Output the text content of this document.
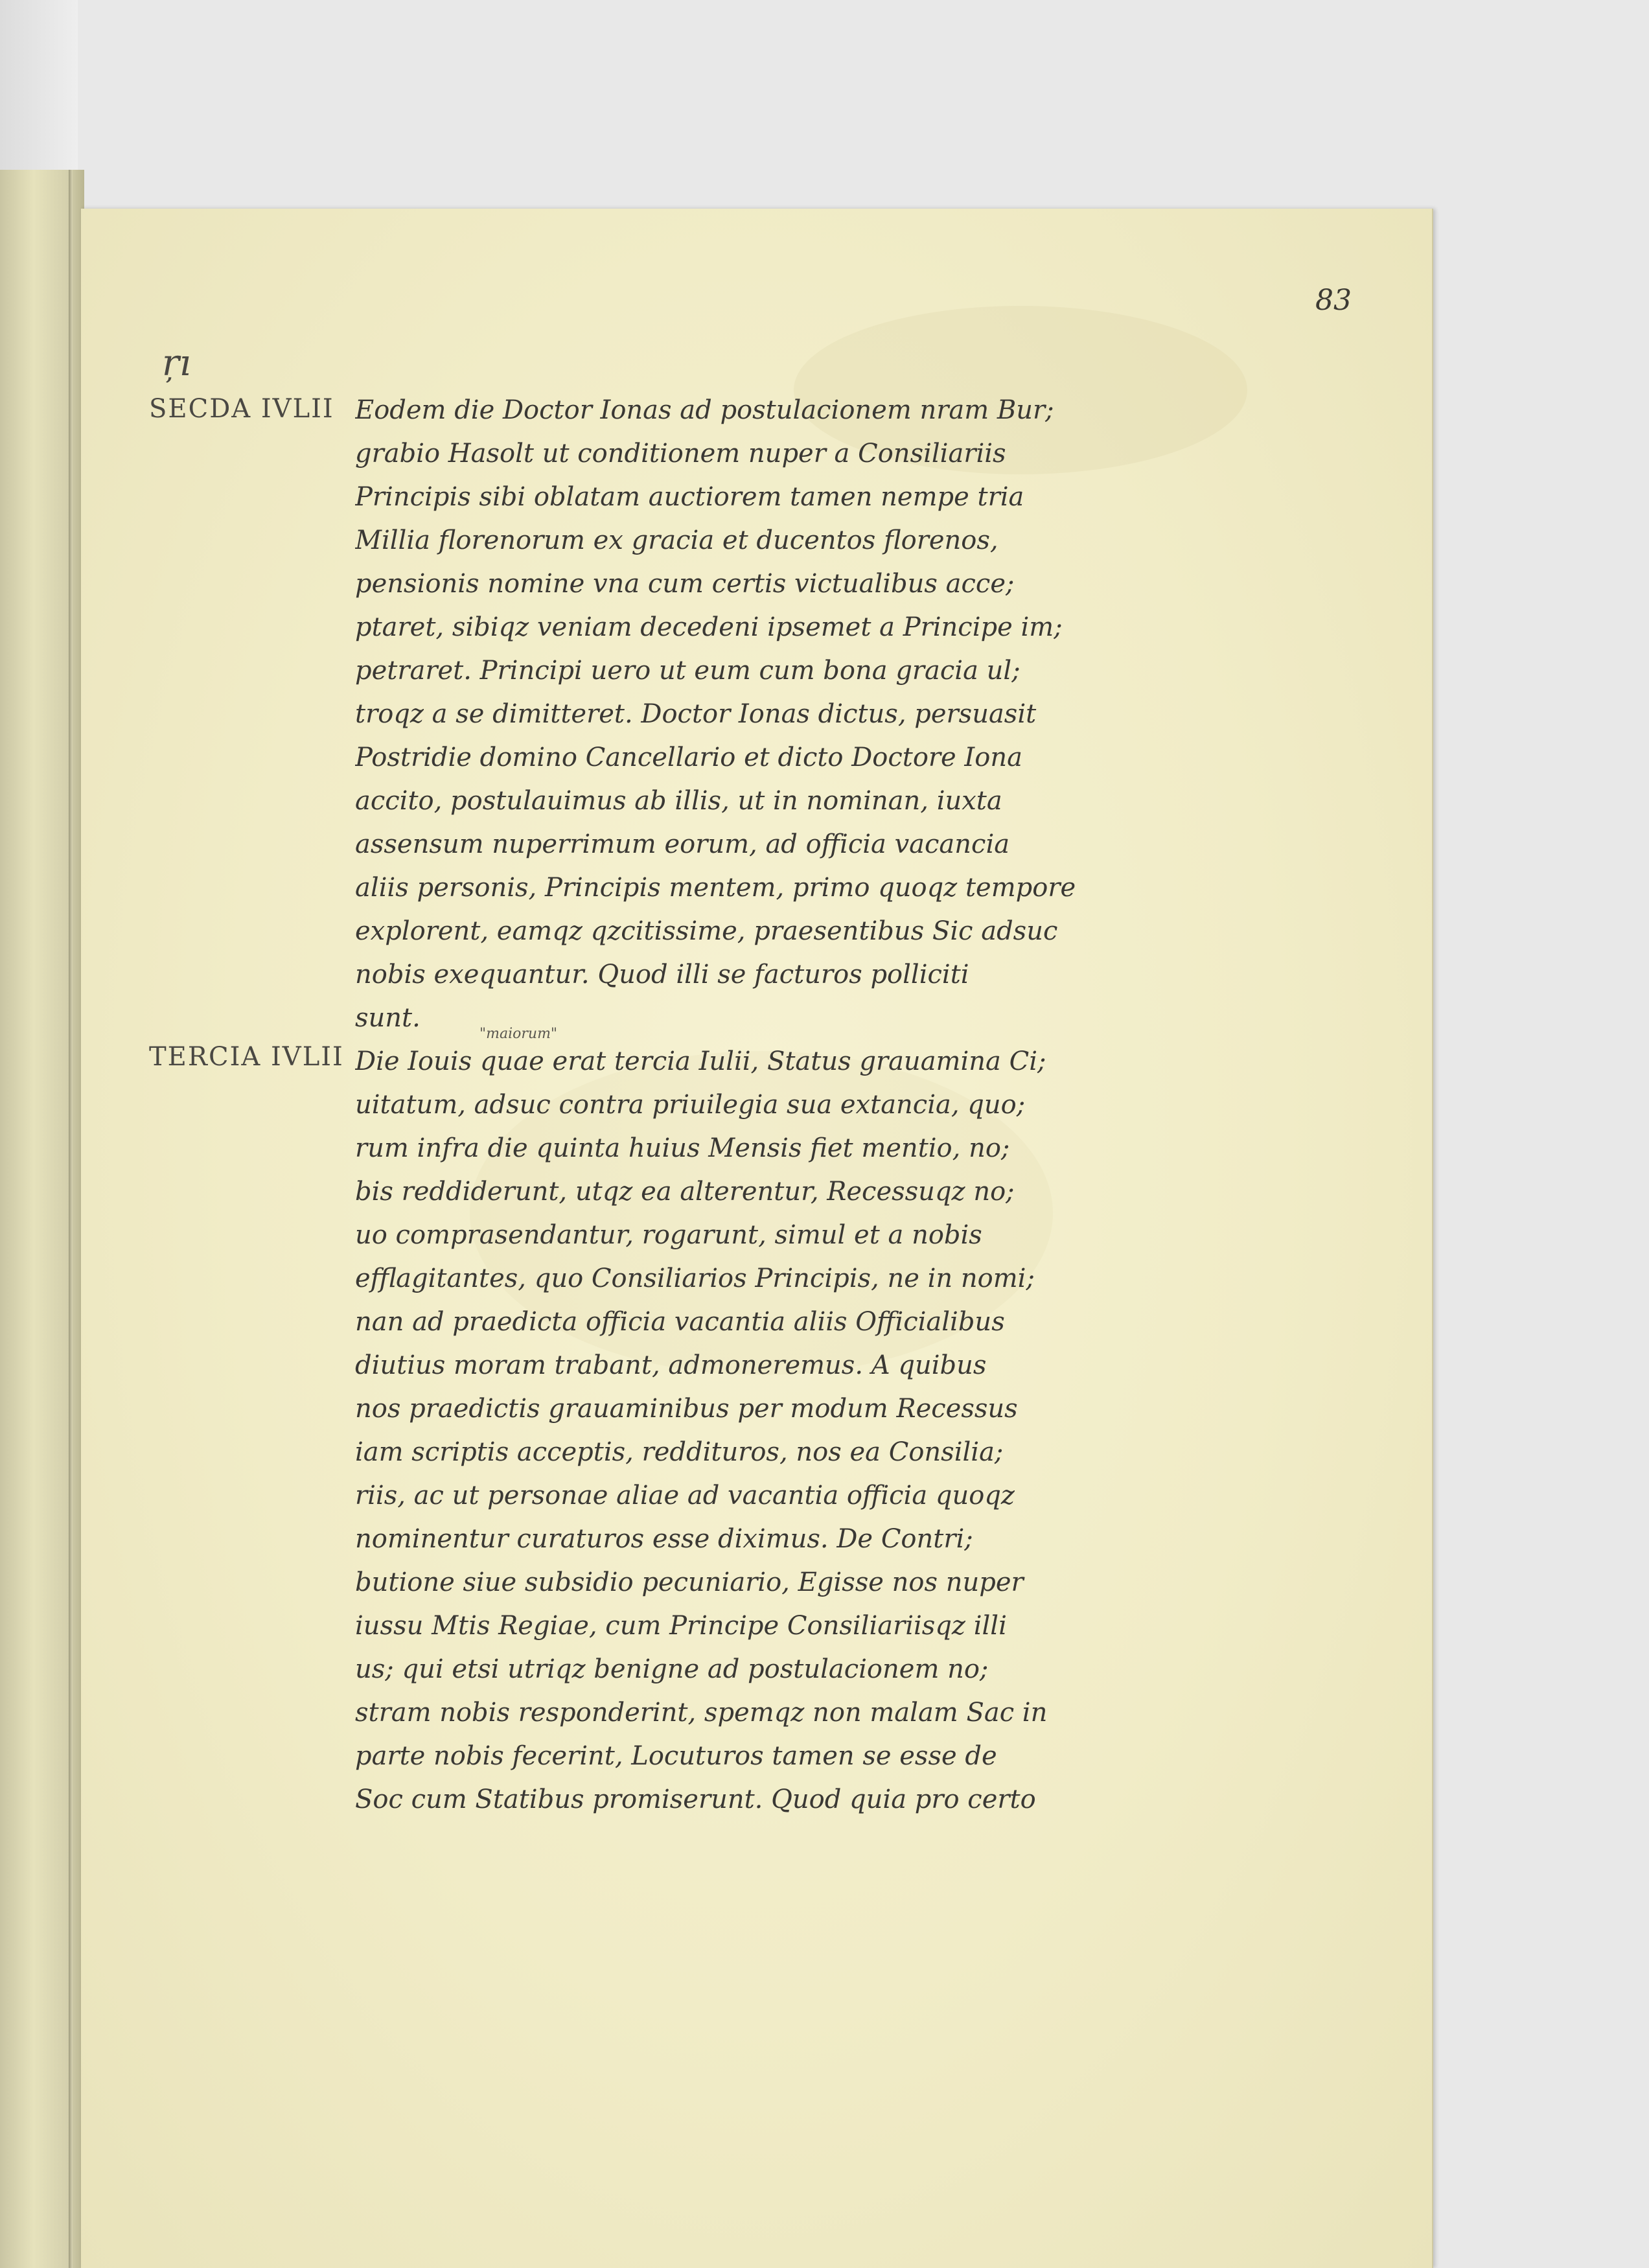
83
ŗı
SECDA IVLII
TERCIA IVLII
"maiorum"
Eodem die Doctor Ionas ad postulacionem nram Bur;
grabio Hasolt ut conditionem nuper a Consiliariis
Principis sibi oblatam auctiorem tamen nempe tria
Millia florenorum ex gracia et ducentos florenos,
pensionis nomine vna cum certis victualibus acce;
ptaret, sibiqz veniam decedeni ipsemet a Principe im;
petraret. Principi uero ut eum cum bona gracia ul;
troqz a se dimitteret. Doctor Ionas dictus, persuasit
Postridie domino Cancellario et dicto Doctore Iona
accito, postulauimus ab illis, ut in nominan, iuxta
assensum nuperrimum eorum, ad officia vacancia
aliis personis, Principis mentem, primo quoqz tempore
explorent, eamqz qzcitissime, praesentibus Sic adsuc
nobis exequantur. Quod illi se facturos polliciti
sunt.
Die Iouis quae erat tercia Iulii, Status grauamina Ci;
uitatum, adsuc contra priuilegia sua extancia, quo;
rum infra die quinta huius Mensis fiet mentio, no;
bis reddiderunt, utqz ea alterentur, Recessuqz no;
uo comprasendantur, rogarunt, simul et a nobis
efflagitantes, quo Consiliarios Principis, ne in nomi;
nan ad praedicta officia vacantia aliis Officialibus
diutius moram trabant, admoneremus. A quibus
nos praedictis grauaminibus per modum Recessus
iam scriptis acceptis, reddituros, nos ea Consilia;
riis, ac ut personae aliae ad vacantia officia quoqz
nominentur curaturos esse diximus. De Contri;
butione siue subsidio pecuniario, Egisse nos nuper
iussu Mtis Regiae, cum Principe Consiliariisqz illi
us; qui etsi utriqz benigne ad postulacionem no;
stram nobis responderint, spemqz non malam Sac in
parte nobis fecerint, Locuturos tamen se esse de
Soc cum Statibus promiserunt. Quod quia pro certo
